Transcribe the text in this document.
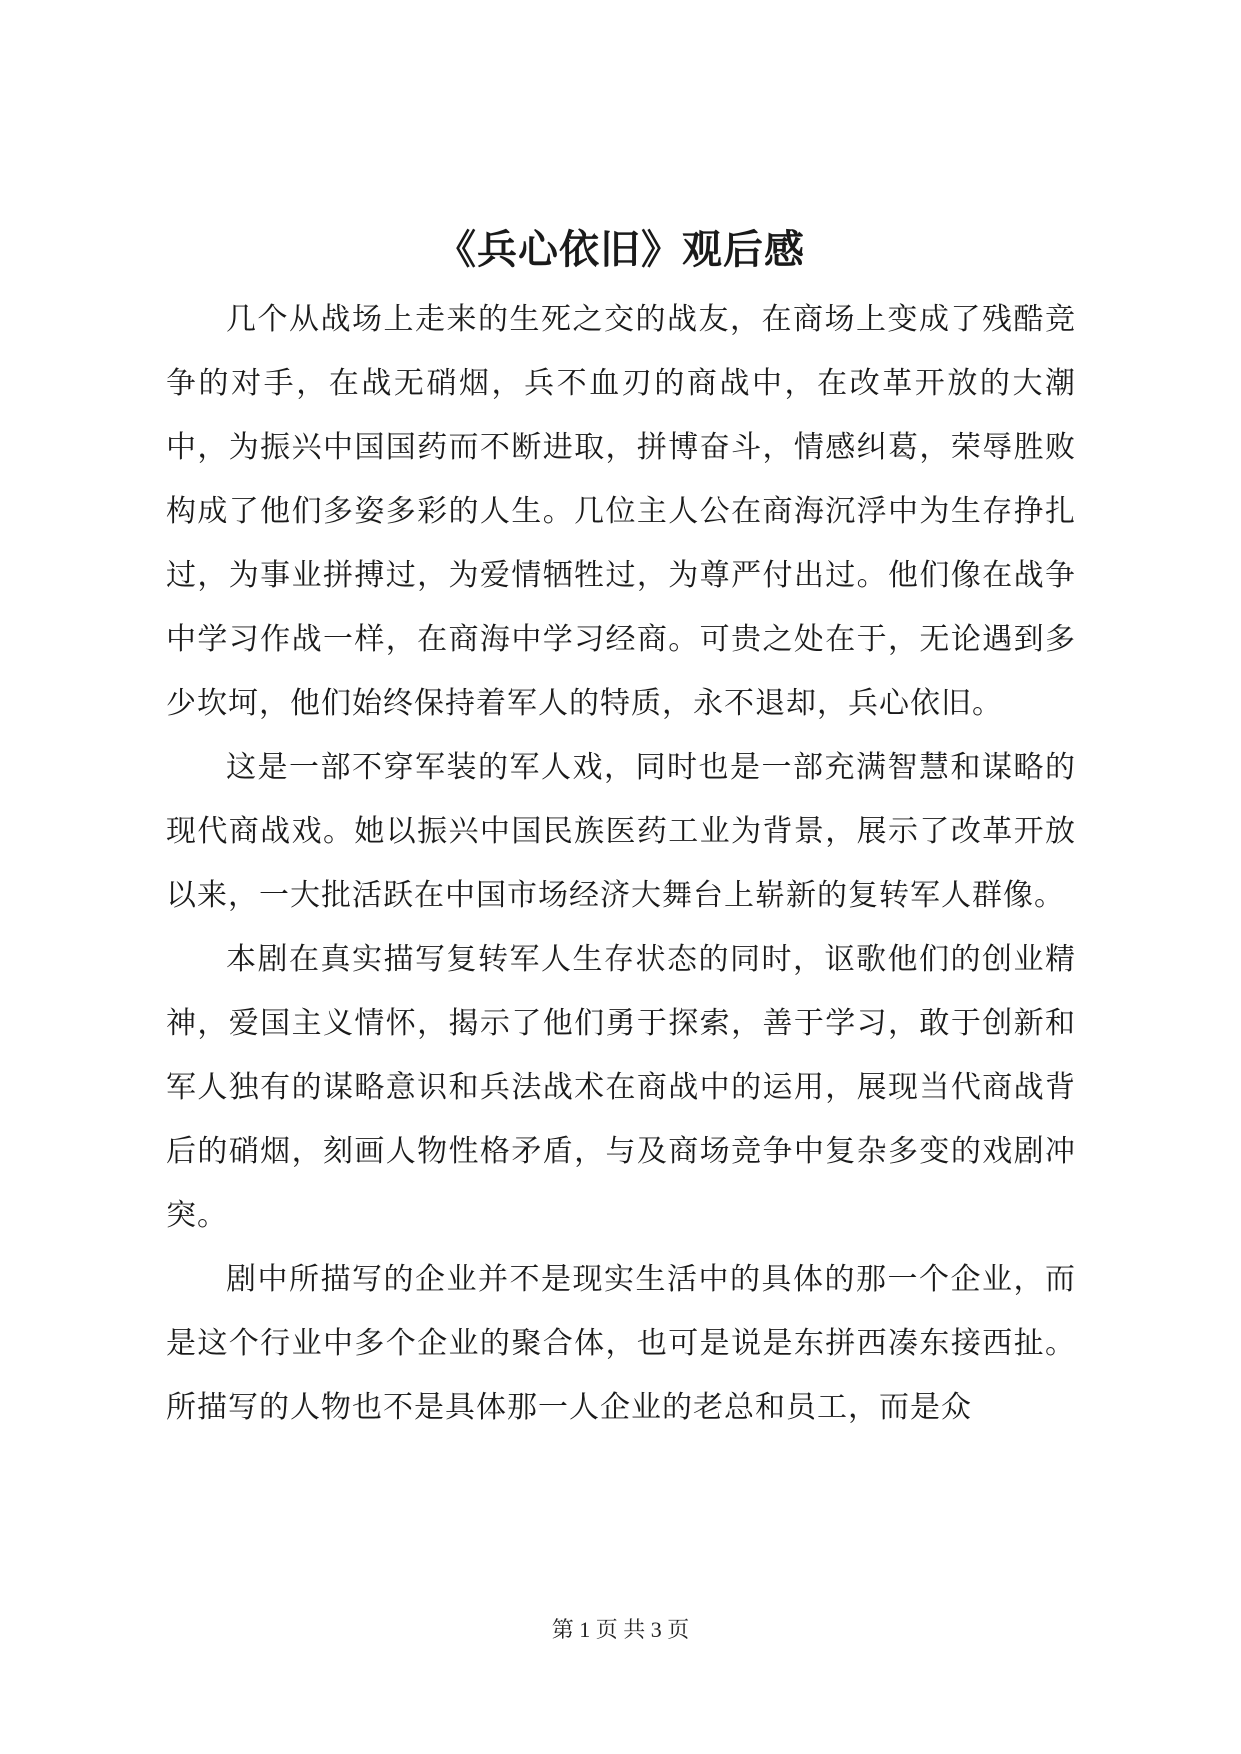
《兵心依旧》观后感

几个从战场上走来的生死之交的战友，在商场上变成了残酷竞争的对手，在战无硝烟，兵不血刃的商战中，在改革开放的大潮中，为振兴中国国药而不断进取，拼博奋斗，情感纠葛，荣辱胜败构成了他们多姿多彩的人生。几位主人公在商海沉浮中为生存挣扎过，为事业拼搏过，为爱情牺牲过，为尊严付出过。他们像在战争中学习作战一样，在商海中学习经商。可贵之处在于，无论遇到多少坎坷，他们始终保持着军人的特质，永不退却，兵心依旧。

这是一部不穿军装的军人戏，同时也是一部充满智慧和谋略的现代商战戏。她以振兴中国民族医药工业为背景，展示了改革开放以来，一大批活跃在中国市场经济大舞台上崭新的复转军人群像。

本剧在真实描写复转军人生存状态的同时，讴歌他们的创业精神，爱国主义情怀，揭示了他们勇于探索，善于学习，敢于创新和军人独有的谋略意识和兵法战术在商战中的运用，展现当代商战背后的硝烟，刻画人物性格矛盾，与及商场竞争中复杂多变的戏剧冲突。

剧中所描写的企业并不是现实生活中的具体的那一个企业，而是这个行业中多个企业的聚合体，也可是说是东拼西凑东接西扯。所描写的人物也不是具体那一人企业的老总和员工，而是众

第 1 页 共 3 页
